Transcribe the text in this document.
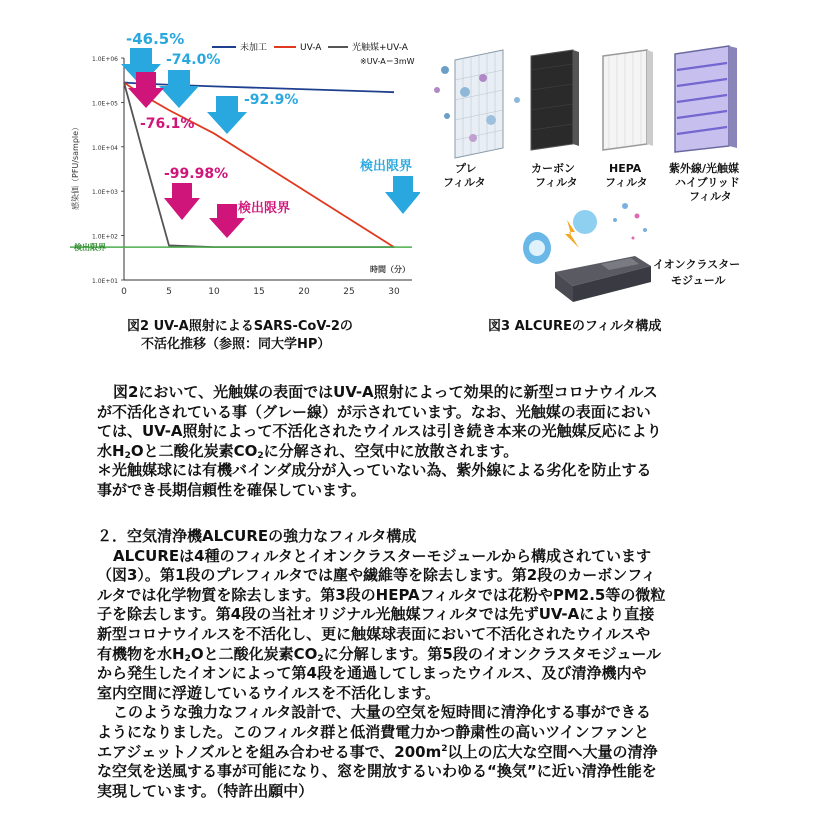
感染価（PFU/sample）
1.0E+06
1.0E+05
1.0E+04
1.0E+03
1.0E+02
1.0E+01
0	5	10	15	20	25	30
時間（分）
未加工	UV-A	光触媒+UV-A
※UV-A＝3mW
検出限界
-46.5%
-74.0%
-92.9%
-76.1%
-99.98%
検出限界
検出限界
図2 UV-A照射によるSARS-CoV-2の
不活化推移（参照：同大学HP）
プレ
フィルタ
カーボン
フィルタ
HEPA
フィルタ
紫外線/光触媒
ハイブリッド
フィルタ
イオンクラスター
モジュール
図3 ALCUREのフィルタ構成
図2において、光触媒の表面ではUV-A照射によって効果的に新型コロナウイルス
が不活化されている事（グレー線）が示されています。なお、光触媒の表面におい
ては、UV-A照射によって不活化されたウイルスは引き続き本来の光触媒反応により
水$H_2O$と二酸化炭素$CO_2$に分解され、空気中に放散されます。
＊光触媒球には有機バインダ成分が入っていない為、紫外線による劣化を防止する
事ができ長期信頼性を確保しています。
２．空気清浄機ALCUREの強力なフィルタ構成
ALCUREは4種のフィルタとイオンクラスターモジュールから構成されています
（図3）。第1段のプレフィルタでは塵や繊維等を除去します。第2段のカーボンフィ
ルタでは化学物質を除去します。第3段のHEPAフィルタでは花粉やPM2.5等の微粒
子を除去します。第4段の当社オリジナル光触媒フィルタでは先ずUV-Aにより直接
新型コロナウイルスを不活化し、更に触媒球表面において不活化されたウイルスや
有機物を水$H_2O$と二酸化炭素$CO_2$に分解します。第5段のイオンクラスタモジュール
から発生したイオンによって第4段を通過してしまったウイルス、及び清浄機内や
室内空間に浮遊しているウイルスを不活化します。
このような強力なフィルタ設計で、大量の空気を短時間に清浄化する事ができる
ようになりました。このフィルタ群と低消費電力かつ静粛性の高いツインファンと
エアジェットノズルとを組み合わせる事で、$200m^2$以上の広大な空間へ大量の清浄
な空気を送風する事が可能になり、窓を開放するいわゆる“換気”に近い清浄性能を
実現しています。（特許出願中）
